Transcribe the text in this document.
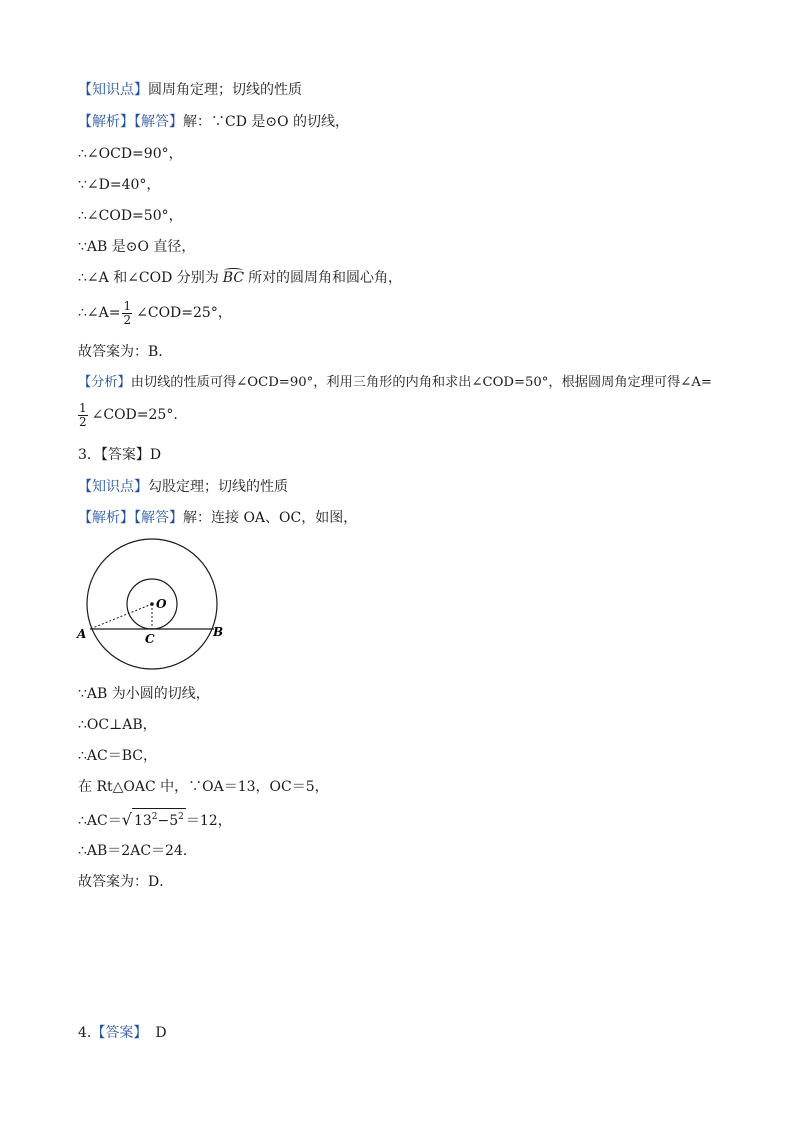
【知识点】圆周角定理；切线的性质
【解析】【解答】解：∵CD 是⊙O 的切线，
∴∠OCD=90°，
∵∠D=40°，
∴∠COD=50°，
∵AB 是⊙O 直径，
∴∠A 和∠COD 分别为 BC 所对的圆周角和圆心角，
∴∠A= $\frac{1}{2}$ ∠COD=25°，
故答案为：B.
【分析】由切线的性质可得∠OCD=90°，利用三角形的内角和求出∠COD=50°，根据圆周角定理可得∠A=
$\frac{1}{2}$ ∠COD=25°.
3．【答案】D
【知识点】勾股定理；切线的性质
【解析】【解答】解：连接 OA、OC，如图，
O
A	B
C
∵AB 为小圆的切线，
∴OC⊥AB，
∴AC＝BC，
在 Rt△OAC 中，∵OA＝13，OC＝5，
∴AC＝√ $13^2-5^2 =12$，
∴AB＝2AC＝24．
故答案为：D．
4.【答案】 D
